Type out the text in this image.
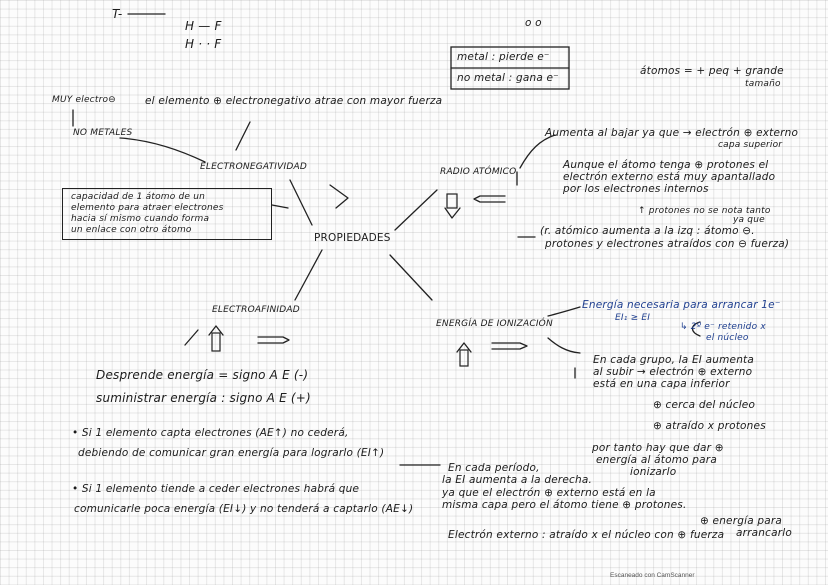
T-
H — F
H · · F
o o
metal : pierde e⁻
no metal : gana e⁻
átomos = + peq + grande
tamaño
MUY electro⊖	el elemento ⊕ electronegativo atrae con mayor fuerza
NO METALES
ELECTRONEGATIVIDAD
capacidad de 1 átomo de un
elemento para atraer electrones
hacia sí mismo cuando forma
un enlace con otro átomo
PROPIEDADES
RADIO ATÓMICO
Aumenta al bajar ya que → electrón ⊕ externo
capa superior
Aunque el átomo tenga ⊕ protones el
electrón externo está muy apantallado
por los electrones internos
↑ protones no se nota tanto
ya que
(r. atómico aumenta a la izq : átomo ⊖.
protones y electrones atraídos con ⊖ fuerza)
ELECTROAFINIDAD
Desprende energía = signo A E (-)
suministrar energía : signo A E (+)
• Si 1 elemento capta electrones (AE↑) no cederá,
debiendo de comunicar gran energía para lograrlo (EI↑)
• Si 1 elemento tiende a ceder electrones habrá que
comunicarle poca energía (EI↓) y no tenderá a captarlo (AE↓)
ENERGÍA DE IONIZACIÓN
Energía necesaria para arrancar 1e⁻
EI₁ ≥ EI
↳ 2º e⁻ retenido x
el núcleo
En cada grupo, la EI aumenta
al subir → electrón ⊕ externo
está en una capa inferior
⊕ cerca del núcleo
⊕ atraído x protones
por tanto hay que dar ⊕
energía al átomo para
ionizarlo
En cada período,
la EI aumenta a la derecha.
ya que el electrón ⊕ externo está en la
misma capa pero el átomo tiene ⊕ protones.
⊕ energía para
arrancarlo
Electrón externo : atraído x el núcleo con ⊕ fuerza
Escaneado con CamScanner
